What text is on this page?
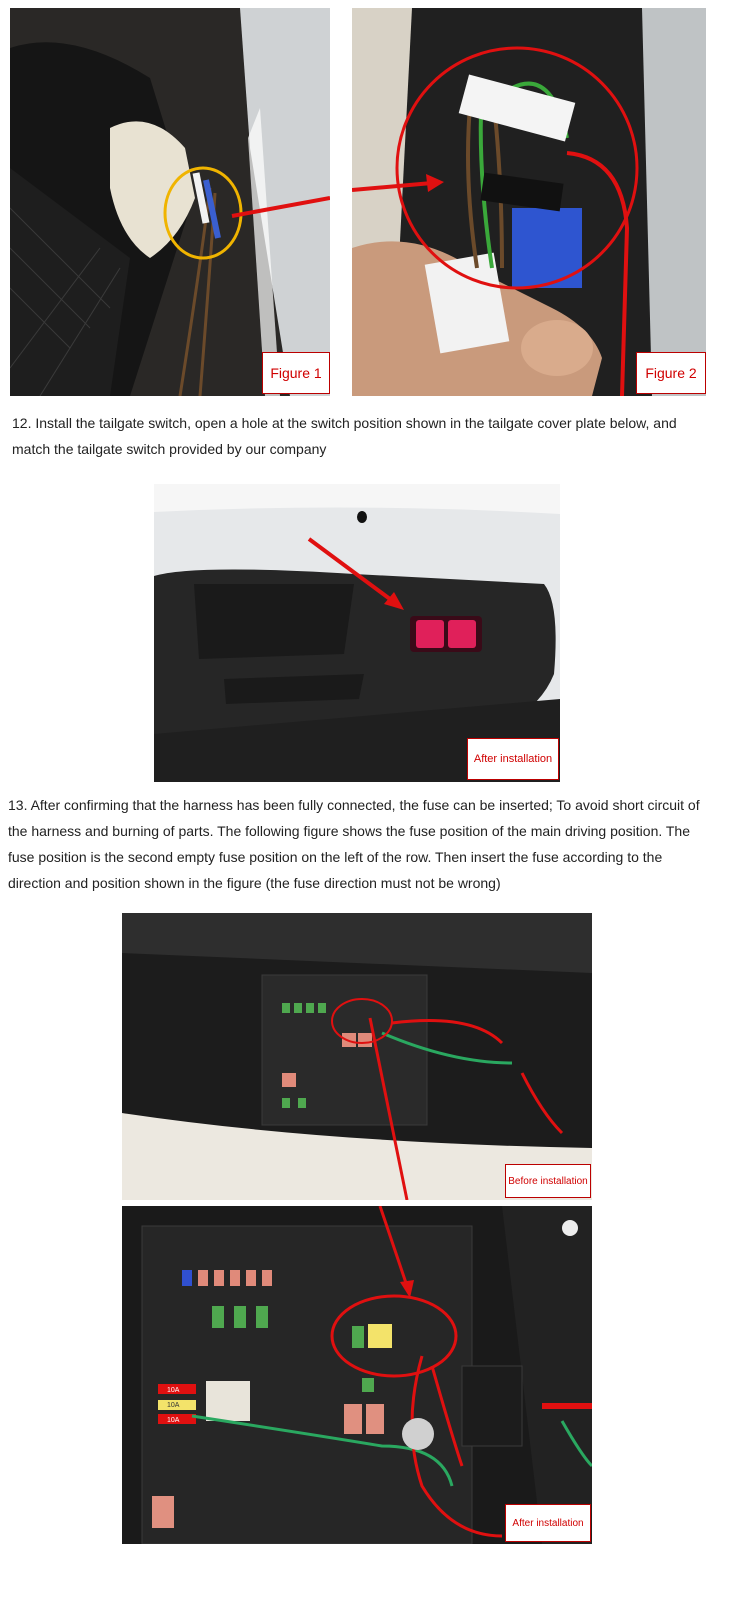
Figure 1	Figure 2

12. Install the tailgate switch, open a hole at the switch position shown in the tailgate cover plate below, and match the tailgate switch provided by our company

After installation

13. After confirming that the harness has been fully connected, the fuse can be inserted; To avoid short circuit of the harness and burning of parts. The following figure shows the fuse position of the main driving position. The fuse position is the second empty fuse position on the left of the row. Then insert the fuse according to the direction and position shown in the figure (the fuse direction must not be wrong)

Before installation
10A
10A
10A
After installation
